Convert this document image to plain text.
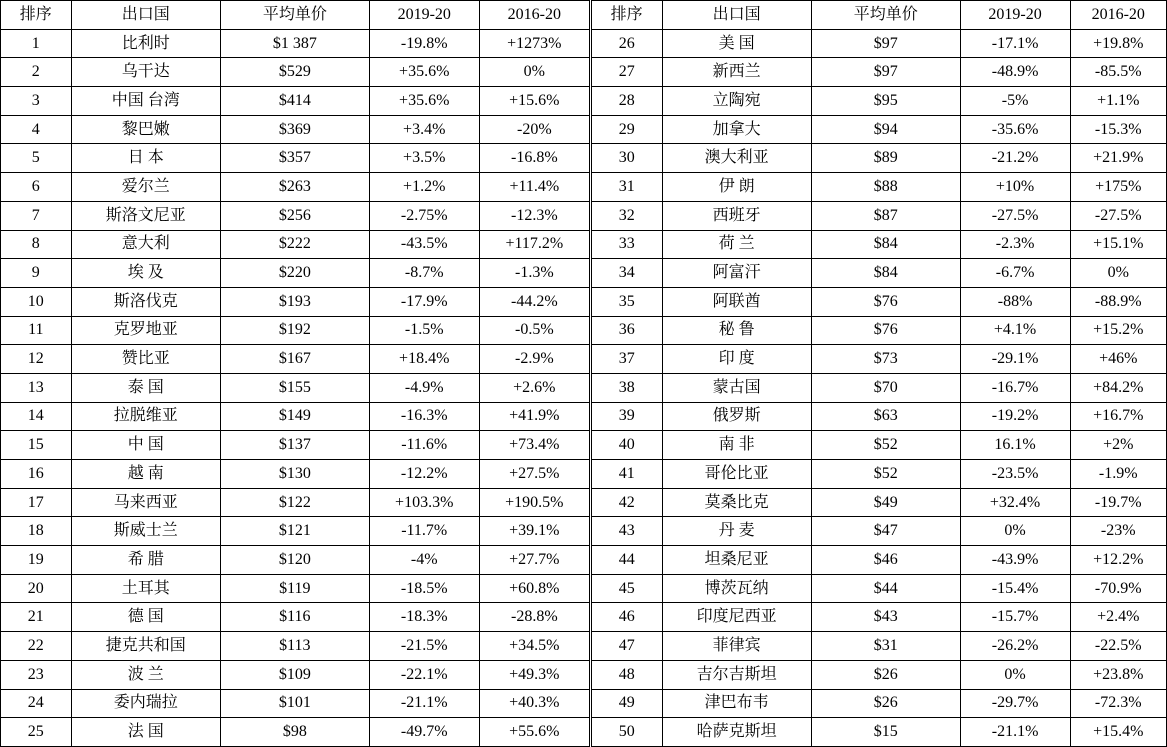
排序	出口国	平均单价	2019-20	2016-20
1	比利时	$1 387	-19.8%	+1273%
2	乌干达	$529	+35.6%	0%
3	中国 台湾	$414	+35.6%	+15.6%
4	黎巴嫩	$369	+3.4%	-20%
5	日 本	$357	+3.5%	-16.8%
6	爱尔兰	$263	+1.2%	+11.4%
7	斯洛文尼亚	$256	-2.75%	-12.3%
8	意大利	$222	-43.5%	+117.2%
9	埃 及	$220	-8.7%	-1.3%
10	斯洛伐克	$193	-17.9%	-44.2%
11	克罗地亚	$192	-1.5%	-0.5%
12	赞比亚	$167	+18.4%	-2.9%
13	泰 国	$155	-4.9%	+2.6%
14	拉脱维亚	$149	-16.3%	+41.9%
15	中 国	$137	-11.6%	+73.4%
16	越 南	$130	-12.2%	+27.5%
17	马来西亚	$122	+103.3%	+190.5%
18	斯威士兰	$121	-11.7%	+39.1%
19	希 腊	$120	-4%	+27.7%
20	土耳其	$119	-18.5%	+60.8%
21	德 国	$116	-18.3%	-28.8%
22	捷克共和国	$113	-21.5%	+34.5%
23	波 兰	$109	-22.1%	+49.3%
24	委内瑞拉	$101	-21.1%	+40.3%
25	法 国	$98	-49.7%	+55.6%
排序	出口国	平均单价	2019-20	2016-20
26	美 国	$97	-17.1%	+19.8%
27	新西兰	$97	-48.9%	-85.5%
28	立陶宛	$95	-5%	+1.1%
29	加拿大	$94	-35.6%	-15.3%
30	澳大利亚	$89	-21.2%	+21.9%
31	伊 朗	$88	+10%	+175%
32	西班牙	$87	-27.5%	-27.5%
33	荷 兰	$84	-2.3%	+15.1%
34	阿富汗	$84	-6.7%	0%
35	阿联酋	$76	-88%	-88.9%
36	秘 鲁	$76	+4.1%	+15.2%
37	印 度	$73	-29.1%	+46%
38	蒙古国	$70	-16.7%	+84.2%
39	俄罗斯	$63	-19.2%	+16.7%
40	南 非	$52	16.1%	+2%
41	哥伦比亚	$52	-23.5%	-1.9%
42	莫桑比克	$49	+32.4%	-19.7%
43	丹 麦	$47	0%	-23%
44	坦桑尼亚	$46	-43.9%	+12.2%
45	博茨瓦纳	$44	-15.4%	-70.9%
46	印度尼西亚	$43	-15.7%	+2.4%
47	菲律宾	$31	-26.2%	-22.5%
48	吉尔吉斯坦	$26	0%	+23.8%
49	津巴布韦	$26	-29.7%	-72.3%
50	哈萨克斯坦	$15	-21.1%	+15.4%
